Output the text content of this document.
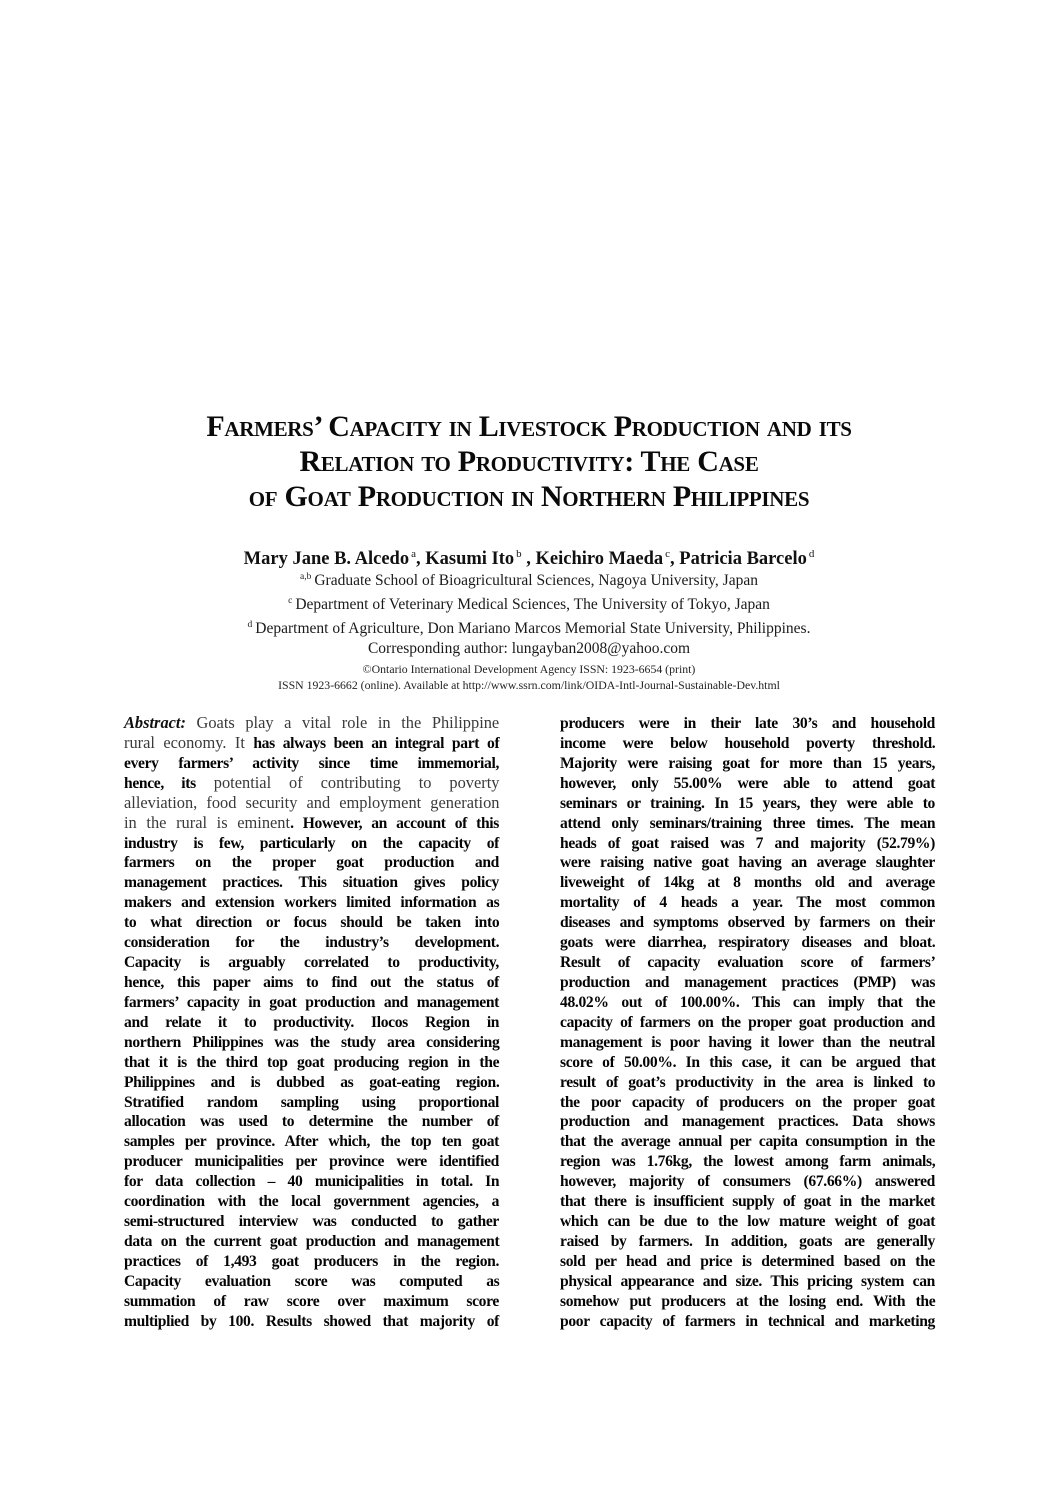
Farmers’ Capacity in Livestock Production and its
Relation to Productivity: The Case
of Goat Production in Northern Philippines
Mary Jane B. Alcedo $^a$, Kasumi Ito $^b$ , Keichiro Maeda $^c$, Patricia Barcelo $^d$
$^{a,b}$ Graduate School of Bioagricultural Sciences, Nagoya University, Japan
$^c$ Department of Veterinary Medical Sciences, The University of Tokyo, Japan
$^d$ Department of Agriculture, Don Mariano Marcos Memorial State University, Philippines.
Corresponding author: lungayban2008@yahoo.com
©Ontario International Development Agency ISSN: 1923-6654 (print)
ISSN 1923-6662 (online). Available at http://www.ssrn.com/link/OIDA-Intl-Journal-Sustainable-Dev.html
Abstract: Goats play a vital role in the Philippine
rural economy. It has always been an integral part of
every farmers’ activity since time immemorial,
hence, its potential of contributing to poverty
alleviation, food security and employment generation
in the rural is eminent. However, an account of this
industry is few, particularly on the capacity of
farmers on the proper goat production and
management practices. This situation gives policy
makers and extension workers limited information as
to what direction or focus should be taken into
consideration for the industry’s development.
Capacity is arguably correlated to productivity,
hence, this paper aims to find out the status of
farmers’ capacity in goat production and management
and relate it to productivity. Ilocos Region in
northern Philippines was the study area considering
that it is the third top goat producing region in the
Philippines and is dubbed as goat-eating region.
Stratified random sampling using proportional
allocation was used to determine the number of
samples per province. After which, the top ten goat
producer municipalities per province were identified
for data collection – 40 municipalities in total. In
coordination with the local government agencies, a
semi-structured interview was conducted to gather
data on the current goat production and management
practices of 1,493 goat producers in the region.
Capacity evaluation score was computed as
summation of raw score over maximum score
multiplied by 100. Results showed that majority of
producers were in their late 30’s and household
income were below household poverty threshold.
Majority were raising goat for more than 15 years,
however, only 55.00% were able to attend goat
seminars or training. In 15 years, they were able to
attend only seminars/training three times. The mean
heads of goat raised was 7 and majority (52.79%)
were raising native goat having an average slaughter
liveweight of 14kg at 8 months old and average
mortality of 4 heads a year. The most common
diseases and symptoms observed by farmers on their
goats were diarrhea, respiratory diseases and bloat.
Result of capacity evaluation score of farmers’
production and management practices (PMP) was
48.02% out of 100.00%. This can imply that the
capacity of farmers on the proper goat production and
management is poor having it lower than the neutral
score of 50.00%. In this case, it can be argued that
result of goat’s productivity in the area is linked to
the poor capacity of producers on the proper goat
production and management practices. Data shows
that the average annual per capita consumption in the
region was 1.76kg, the lowest among farm animals,
however, majority of consumers (67.66%) answered
that there is insufficient supply of goat in the market
which can be due to the low mature weight of goat
raised by farmers. In addition, goats are generally
sold per head and price is determined based on the
physical appearance and size. This pricing system can
somehow put producers at the losing end. With the
poor capacity of farmers in technical and marketing
